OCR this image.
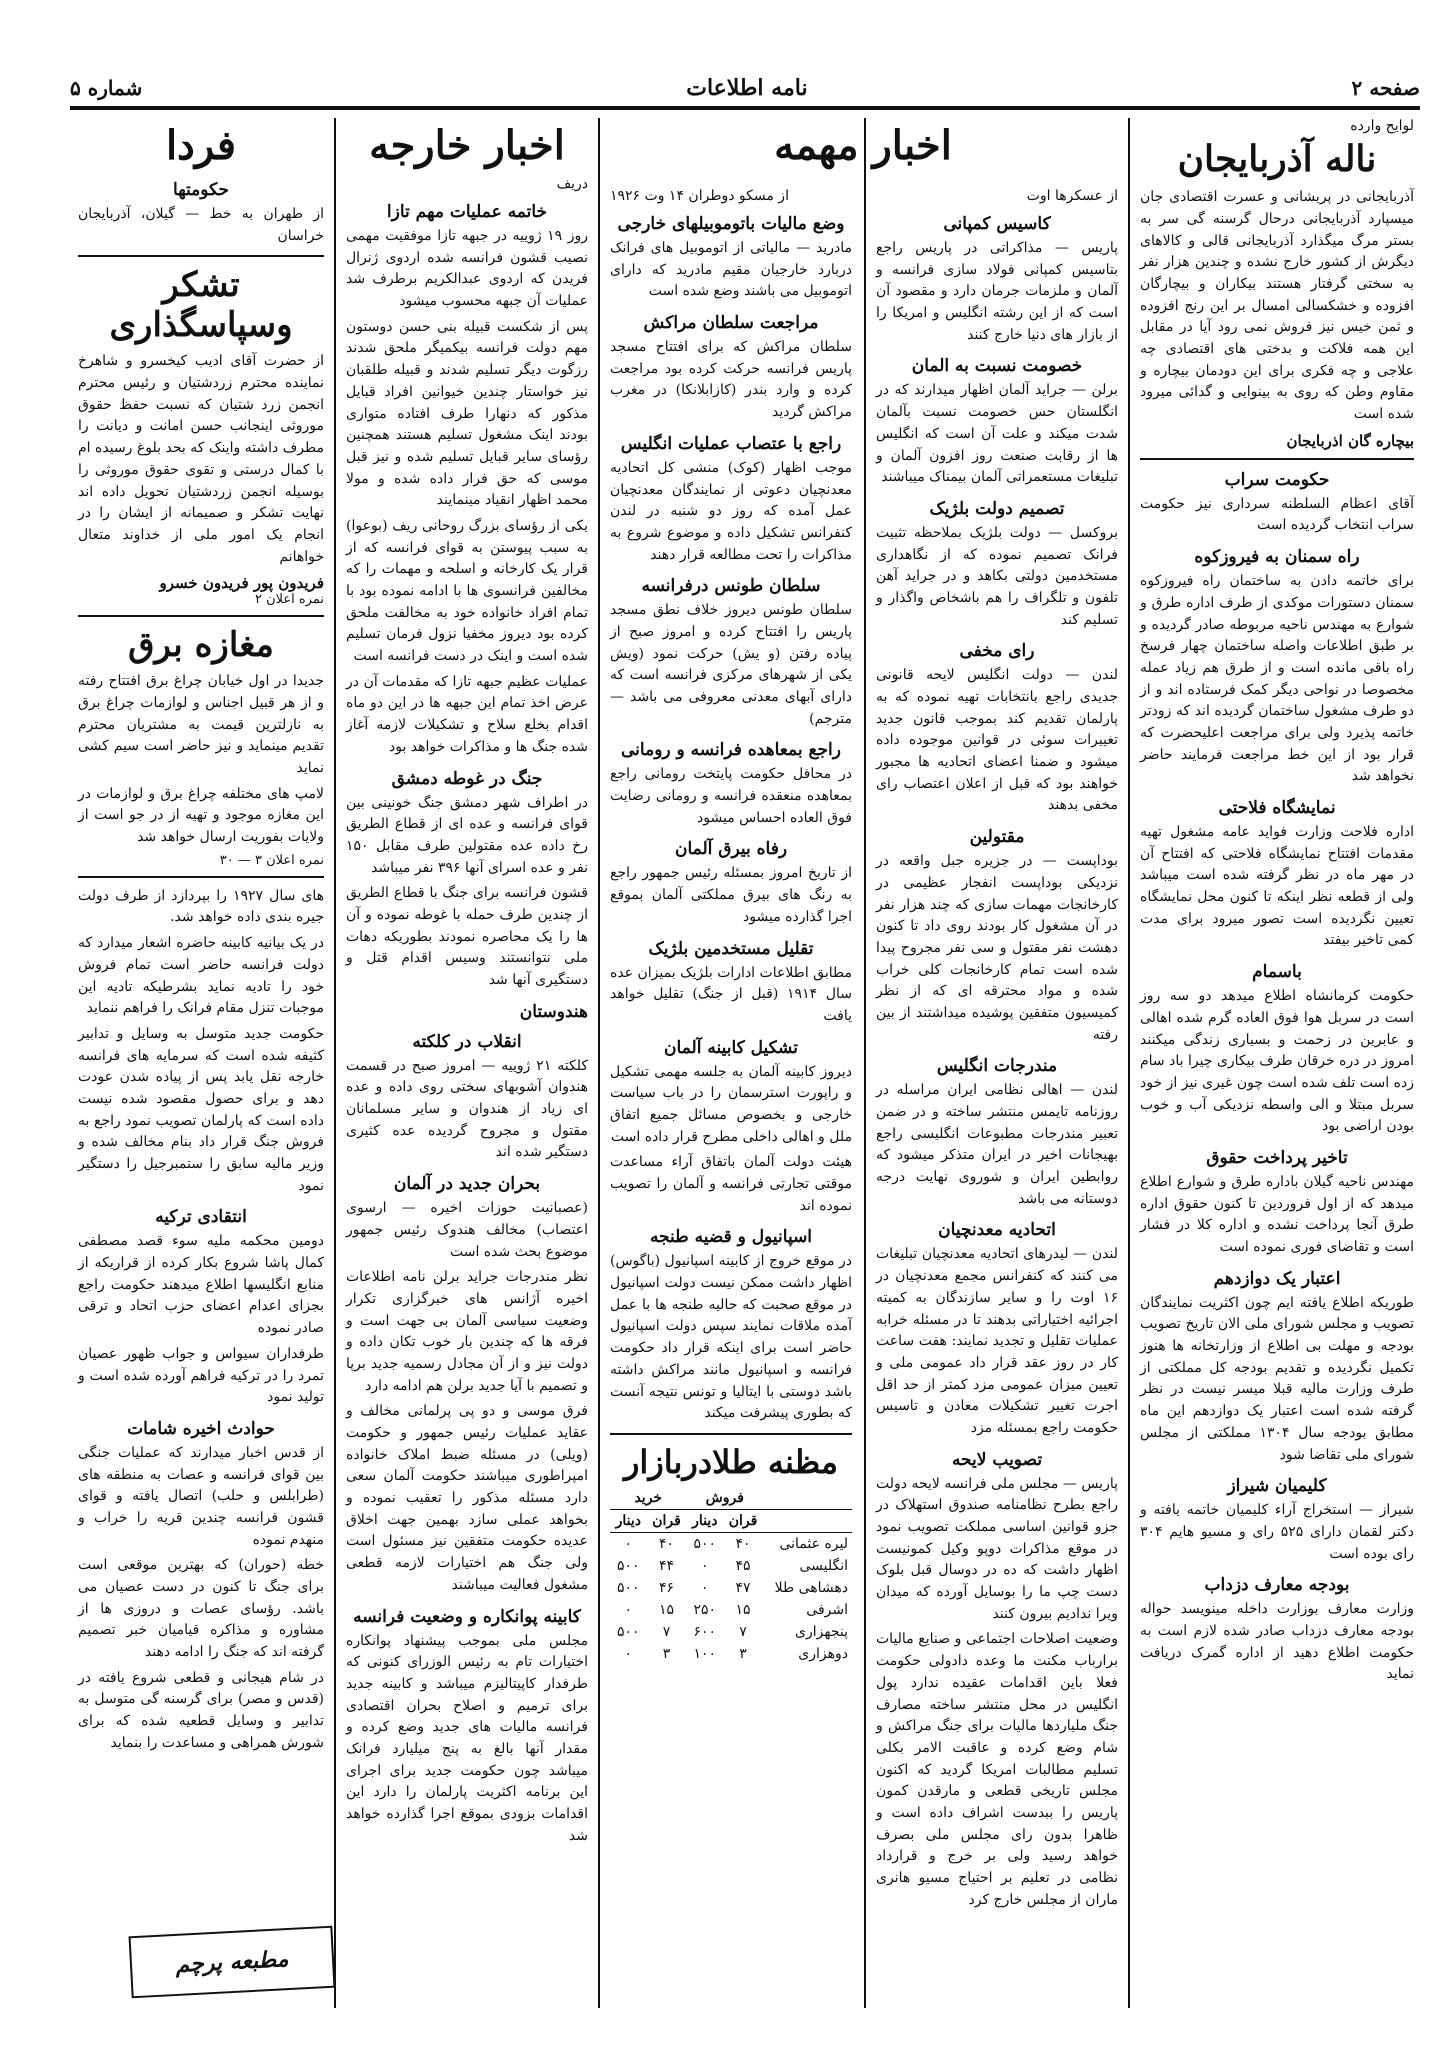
صفحه ۲
نامه اطلاعات
شماره ۵
لوایح وارده
ناله آذربایجان

آذربایجانی در پریشانی و عسرت اقتصادی جان میسپارد آذربایجانی درحال گرسنه گی سر به بستر مرگ میگذارد آذربایجانی قالی و کالاهای دیگرش از کشور خارج نشده و چندین هزار نفر به سختی گرفتار هستند بیکاران و بیچارگان افزوده و خشکسالی امسال بر این رنج افزوده و ثمن خیس نیز فروش نمی رود آیا در مقابل این همه فلاکت و بدختی های اقتصادی چه علاجی و چه فکری برای این دودمان بیچاره و مقاوم وطن که روی به بینوایی و گدائی میرود شده است

بیچاره گان اذربایجان
حکومت سراب

آقای اعظام السلطنه سرداری نیز حکومت سراب انتخاب گردیده است

راه سمنان به فیروزکوه

برای خاتمه دادن به ساختمان راه فیروزکوه سمنان دستورات موکدی از طرف اداره طرق و شوارع به مهندس ناحیه مربوطه صادر گردیده و بر طبق اطلاعات واصله ساختمان چهار فرسخ راه باقی مانده است و از طرق هم زیاد عمله مخصوصا در نواحی دیگر کمک فرستاده اند و از دو طرف مشغول ساختمان گردیده اند که زودتر خاتمه پذیرد ولی برای مراجعت اعلیحضرت که قرار بود از این خط مراجعت فرمایند حاضر نخواهد شد

نمایشگاه فلاحتی

اداره فلاحت وزارت فواید عامه مشغول تهیه مقدمات افتتاح نمایشگاه فلاحتی که افتتاح آن در مهر ماه در نظر گرفته شده است میباشد ولی از قطعه نظر اینکه تا کنون محل نمایشگاه تعیین نگردیده است تصور میرود برای مدت کمی تاخیر بیفتد

باسمام

حکومت کرمانشاه اطلاع میدهد دو سه روز است در سربل هوا فوق العاده گرم شده اهالی و عابرین در زحمت و بسیاری زندگی میکنند امروز در دره خرقان طرف بیکاری چیرا باد سام زده است تلف شده است چون غیری نیز از خود سربل مبتلا و الی واسطه نزدیکی آب و خوب بودن اراضی بود

تاخیر پرداخت حقوق

مهندس ناحیه گیلان باداره طرق و شوارع اطلاع میدهد که از اول فروردین تا کنون حقوق اداره طرق آنجا پرداخت نشده و اداره کلا در فشار است و تقاضای فوری نموده است

اعتبار یک دوازدهم

طوریکه اطلاع یافته ایم چون اکثریت نمایندگان تصویب و مجلس شورای ملی الان تاریخ تصویب بودجه و مهلت بی اطلاع از وزارتخانه ها هنوز تکمیل نگردیده و تقدیم بودجه کل مملکتی از طرف وزارت مالیه قبلا میسر نیست در نظر گرفته شده است اعتبار یک دوازدهم این ماه مطابق بودجه سال ۱۳۰۴ مملکتی از مجلس شورای ملی تقاضا شود

کلیمیان شیراز

شیراز — استخراج آراء کلیمیان خاتمه یافته و دکتر لقمان دارای ۵۲۵ رای و مسیو هایم ۳۰۴ رای بوده است

بودجه معارف دزداب

وزارت معارف بوزارت داخله مینویسد حواله بودجه معارف دزداب صادر شده لازم است به حکومت اطلاع دهید از اداره گمرک دریافت نماید

اخبار مهمه
از عسکرها اوت
کاسیس کمپانی

پاریس — مذاکراتی در پاریس راجع بتاسیس کمپانی فولاد سازی فرانسه و آلمان و ملزمات جرمان دارد و مقصود آن است که از این رشته انگلیس و امریکا را از بازار های دنیا خارج کنند

خصومت نسبت به المان

برلن — جراید آلمان اظهار میدارند که در انگلستان حس خصومت نسبت بآلمان شدت میکند و علت آن است که انگلیس ها از رقابت صنعت روز افزون آلمان و تبلیغات مستعمراتی آلمان بیمناک میباشند

تصمیم دولت بلژیک

بروکسل — دولت بلژیک بملاحظه تثبیت فرانک تصمیم نموده که از نگاهداری مستخدمین دولتی بکاهد و در جراید آهن تلفون و تلگراف را هم باشخاص واگذار و تسلیم کند

رای مخفی

لندن — دولت انگلیس لایحه قانونی جدیدی راجع بانتخابات تهیه نموده که به پارلمان تقدیم کند بموجب قانون جدید تغییرات سوئی در قوانین موجوده داده میشود و ضمنا اعضای اتحادیه ها مجبور خواهند بود که قبل از اعلان اعتصاب رای مخفی بدهند

مقتولین

بوداپست — در جزیره جبل واقعه در نزدیکی بوداپست انفجار عظیمی در کارخانجات مهمات سازی که چند هزار نفر در آن مشغول کار بودند روی داد تا کنون دهشت نفر مقتول و سی نفر مجروح پیدا شده است تمام کارخانجات کلی خراب شده و مواد محترقه ای که از نظر کمیسیون متفقین پوشیده میداشتند از بین رفته

مندرجات انگلیس

لندن — اهالی نظامی ایران مراسله در روزنامه تایمس منتشر ساخته و در ضمن تعبیر مندرجات مطبوعات انگلیسی راجع بهیجانات اخیر در ایران متذکر میشود که روابطین ایران و شوروی نهایت درجه دوستانه می باشد

اتحادیه معدنچیان

لندن — لیدرهای اتحادیه معدنچیان تبلیغات می کنند که کنفرانس مجمع معدنچیان در ۱۶ اوت را و سایر سازندگان به کمیته اجرائیه اختیاراتی بدهند تا در مسئله خرابه عملیات تقلیل و تجدید نمایند: هفت ساعت کار در روز عقد قرار داد عمومی ملی و تعیین میزان عمومی مزد کمتر از حد اقل اجرت تغییر تشکیلات معادن و تاسیس حکومت راجع بمسئله مزد

تصویب لایحه

پاریس — مجلس ملی فرانسه لایحه دولت راجع بطرح نظامنامه صندوق استهلاک در جزو قوانین اساسی مملکت تصویب نمود در موقع مذاکرات دوپو وکیل کمونیست اظهار داشت که ده در دوسال قبل بلوک دست چپ ما را بوسایل آورده که میدان ویرا ندادیم بیرون کنند

وضعیت اصلاحات اجتماعی و صنایع مالیات برارباب مکنت ما وعده دادولی حکومت فعلا باین اقدامات عقیده ندارد پول انگلیس در محل منتشر ساخته مصارف جنگ ملیاردها مالیات برای جنگ مراکش و شام وضع کرده و عاقبت الامر بکلی تسلیم مطالبات امریکا گردید که اکنون مجلس تاریخی قطعی و مارقدن کمون پاریس را ببدست اشراف داده است و ظاهرا بدون رای مجلس ملی بصرف خواهد رسید ولی بر خرج و قرارداد نظامی در تعلیم بر احتیاج مسیو هانری ماران از مجلس خارج کرد

از مسکو دوطران ۱۴ وت ۱۹۲۶
وضع مالیات باتوموبیلهای خارجی

مادرید — مالیاتی از اتوموبیل های فرانک دربارد خارجیان مقیم مادرید که دارای اتوموبیل می باشند وضع شده است

مراجعت سلطان مراکش

سلطان مراکش که برای افتتاح مسجد پاریس فرانسه حرکت کرده بود مراجعت کرده و وارد بندر (کازابلانکا) در مغرب مراکش گردید

راجع با عتصاب عملیات انگلیس

موجب اظهار (کوک) منشی کل اتحادیه معدنچیان دعوتی از نمایندگان معدنچیان عمل آمده که روز دو شنبه در لندن کنفرانس تشکیل داده و موضوع شروع به مذاکرات را تحت مطالعه قرار دهند

سلطان طونس درفرانسه

سلطان طونس دیروز خلاف نطق مسجد پاریس را افتتاح کرده و امروز صبح از پیاده رفتن (و یش) حرکت نمود (ویش یکی از شهرهای مرکزی فرانسه است که دارای آبهای معدنی معروفی می باشد — مترجم)

راجع بمعاهده فرانسه و رومانی

در محافل حکومت پایتخت رومانی راجع بمعاهده منعقده فرانسه و رومانی رضایت فوق العاده احساس میشود

رفاه بیرق آلمان

از تاریخ امروز بمسئله رئیس جمهور راجع به رنگ های بیرق مملکتی آلمان بموقع اجرا گذارده میشود

تقلیل مستخدمین بلژیک

مطابق اطلاعات ادارات بلژیک بمیزان عده سال ۱۹۱۴ (قبل از جنگ) تقلیل خواهد یافت

تشکیل کابینه آلمان

دیروز کابینه آلمان به جلسه مهمی تشکیل و راپورت استرسمان را در باب سیاست خارجی و بخصوص مسائل جمیع اتفاق ملل و اهالی داخلی مطرح قرار داده است

هیئت دولت آلمان باتفاق آراء مساعدت موقتی تجارتی فرانسه و آلمان را تصویب نموده اند

اسپانیول و قضیه طنجه

در موقع خروج از کابینه اسپانیول (باگوس) اظهار داشت ممکن نیست دولت اسپانیول در موقع صحبت که حالیه طنجه ها با عمل آمده ملاقات نمایند سپس دولت اسپانیول حاضر است برای اینکه قرار داد حکومت فرانسه و اسپانیول مانند مراکش داشته باشد دوستی با ایتالیا و تونس نتیجه آنست که بطوری پیشرفت میکند

مظنه طلادربازار
	فروش		خرید	
	قران	دینار	قران	دینار
لیره عثمانی	۴۰	۵۰۰	۴۰	۰
انگلیسی	۴۵	۰	۴۴	۵۰۰
دهشاهی طلا	۴۷	۰	۴۶	۵۰۰
اشرفی	۱۵	۲۵۰	۱۵	۰
پنجهزاری	۷	۶۰۰	۷	۵۰۰
دوهزاری	۳	۱۰۰	۳	۰
اخبار خارجه
دریف
خاتمه عملیات مهم تازا

روز ۱۹ ژوییه در جبهه تازا موفقیت مهمی نصیب قشون فرانسه شده اردوی ژنرال فریدن که اردوی عبدالکریم برطرف شد عملیات آن جبهه محسوب میشود

پس از شکست قبیله بنی حسن دوستون مهم دولت فرانسه بیکمیگر ملحق شدند رزگوت دیگر تسلیم شدند و قبیله طلقبان نیز خواستار چندین خیوانین افراد قبایل مذکور که دنهارا طرف افتاده متواری بودند اینک مشغول تسلیم هستند همچنین رؤسای سایر قبایل تسلیم شده و نیز قبل موسی که حق فرار داده شده و مولا محمد اظهار انقیاد مینمایند

یکی از رؤسای بزرگ روحانی ریف (بوعوا) به سبب پیوستن به قوای فرانسه که از قرار یک کارخانه و اسلحه و مهمات را که مخالفین فرانسوی ها با ادامه نموده بود با تمام افراد خانواده خود به مخالفت ملحق کرده بود دیروز مخفیا نزول فرمان تسلیم شده است و اینک در دست فرانسه است

عملیات عظیم جبهه تازا که مقدمات آن در عرض اخذ تمام این جبهه ها در این دو ماه اقدام بخلع سلاح و تشکیلات لازمه آغاز شده جنگ ها و مذاکرات خواهد بود

جنگ در غوطه دمشق

در اطراف شهر دمشق جنگ خونینی بین قوای فرانسه و عده ای از قطاع الطریق رخ داده عده مقتولین طرف مقابل ۱۵۰ نفر و عده اسرای آنها ۳۹۶ نفر میباشد

قشون فرانسه برای جنگ با قطاع الطریق از چندین طرف حمله با غوطه نموده و آن ها را یک محاصره نمودند بطوریکه دهات ملی نتوانستند وسیس اقدام قتل و دستگیری آنها شد

هندوستان
انقلاب در کلکته

کلکته ۲۱ ژوییه — امروز صبح در قسمت هندوان آشوبهای سختی روی داده و عده ای زیاد از هندوان و سایر مسلمانان مقتول و مجروح گردیده عده کثیری دستگیر شده اند

بحران جدید در آلمان

(عصبانیت حوزات اخیره — ارسوی اعتصاب) مخالف هندوک رئیس جمهور موضوع بحث شده است

نظر مندرجات جراید برلن نامه اطلاعات اخیره آژانس های خبرگزاری تکرار وضعیت سیاسی آلمان بی جهت است و فرقه ها که چندین بار خوب تکان داده و دولت نیز و از آن مجادل رسمیه جدید برپا و تصمیم با آیا جدید برلن هم ادامه دارد

فرق موسی و دو پی پرلمانی مخالف و عقاید عملیات رئیس جمهور و حکومت (ویلی) در مسئله ضبط املاک خانواده امپراطوری میباشند حکومت آلمان سعی دارد مسئله مذکور را تعقیب نموده و بخواهد عملی سازد بهمین جهت اخلاق عدیده حکومت متفقین نیز مسئول است ولی جنگ هم اختیارات لازمه قطعی مشغول فعالیت میباشند

کابینه پوانکاره و وضعیت فرانسه

مجلس ملی بموجب پیشنهاد پوانکاره اختیارات تام به رئیس الوزرای کنونی که طرفدار کاپیتالیزم میباشد و کابینه جدید برای ترمیم و اصلاح بحران اقتصادی فرانسه مالیات های جدید وضع کرده و مقدار آنها بالغ به پنج میلیارد فرانک میباشد چون حکومت جدید برای اجرای این برنامه اکثریت پارلمان را دارد این اقدامات بزودی بموقع اجرا گذارده خواهد شد

فردا
حکومتها

از طهران به خط — گیلان، آذربایجان خراسان

تشکر وسپاسگذاری

از حضرت آقای ادیب کیخسرو و شاهرخ نماینده محترم زردشتیان و رئیس محترم انجمن زرد شتیان که نسبت حفظ حقوق موروثی اینجانب حسن امانت و دیانت را مطرف داشته واینک که بحد بلوغ رسیده ام با کمال درستی و تقوی حقوق موروثی را بوسیله انجمن زردشتیان تحویل داده اند نهایت تشکر و صمیمانه از ایشان را در انجام یک امور ملی از خداوند متعال خواهانم

فریدون پور فریدون خسرو
نمره اعلان ۲
مغازه برق

جدیدا در اول خیابان چراغ برق افتتاح رفته و از هر قبیل اجناس و لوازمات چراغ برق به نازلترین قیمت به مشتریان محترم تقدیم مینماید و نیز حاضر است سیم کشی نماید

لامپ های مختلفه چراغ برق و لوازمات در این مغازه موجود و تهیه از در جو است از ولایات بفوریت ارسال خواهد شد

نمره اعلان ۳ — ۳۰

های سال ۱۹۲۷ را بپردازد از طرف دولت جیره بندی داده خواهد شد.

در یک بیانیه کابینه حاضره اشعار میدارد که دولت فرانسه حاضر است تمام فروش خود را تادیه نماید بشرطیکه تادیه این موجبات تنزل مقام فرانک را فراهم ننماید

حکومت جدید متوسل به وسایل و تدابیر کثیفه شده است که سرمایه های فرانسه خارجه نقل یابد پس از پیاده شدن عودت دهد و برای حصول مقصود شده نیست داده است که پارلمان تصویب نمود راجع به فروش جنگ قرار داد بنام مخالف شده و وزیر مالیه سابق را ستمبرجیل را دستگیر نمود

انتقادی ترکیه

دومین محکمه ملیه سوء قصد مصطفی کمال پاشا شروع بکار کرده از قراریکه از منابع انگلیسها اطلاع میدهند حکومت راجع بجزای اعدام اعضای حزب اتحاد و ترقی صادر نموده

طرفداران سیواس و جواب ظهور عصیان تمرد را در ترکیه فراهم آورده شده است و تولید نمود

حوادث اخیره شامات

از قدس اخبار میدارند که عملیات جنگی بین قوای فرانسه و عصات به منطقه های (طرابلس و حلب) اتصال یافته و قوای قشون فرانسه چندین قریه را خراب و منهدم نموده

خطه (حوران) که بهترین موقعی است برای جنگ تا کنون در دست عصیان می باشد. رؤسای عصات و دروزی ها از مشاوره و مذاکره قیامیان خبر تصمیم گرفته اند که جنگ را ادامه دهند

در شام هیجانی و قطعی شروع یافته در (قدس و مصر) برای گرسنه گی متوسل به تدابیر و وسایل قطعیه شده که برای شورش همراهی و مساعدت را بنماید

مطبعه پرچم
